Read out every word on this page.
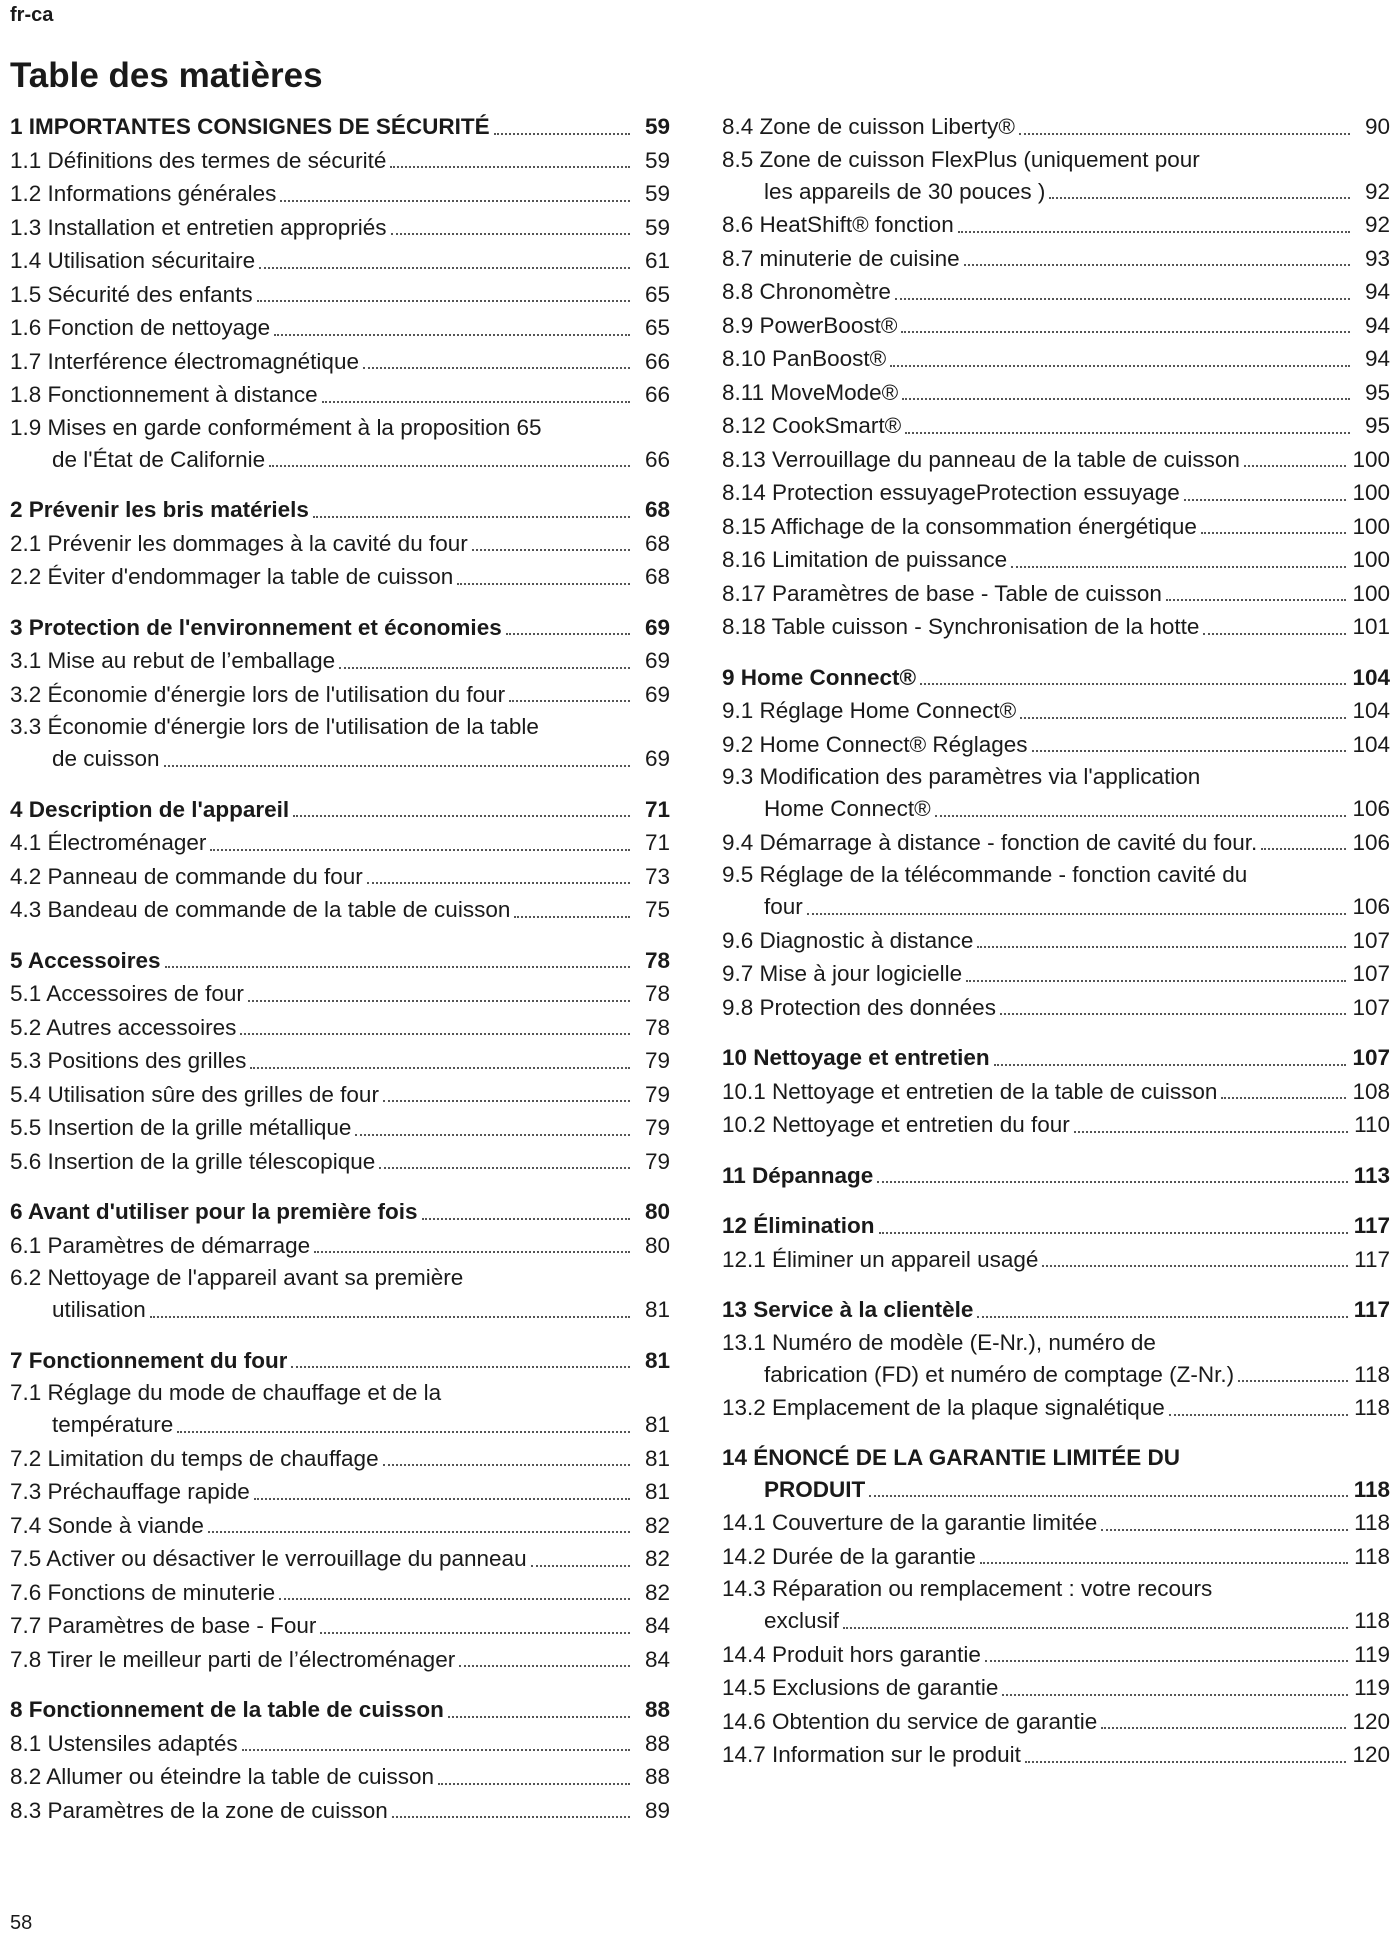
fr-ca
Table des matières
1 IMPORTANTES CONSIGNES DE SÉCURITÉ	59
1.1 Définitions des termes de sécurité	59
1.2 Informations générales	59
1.3 Installation et entretien appropriés	59
1.4 Utilisation sécuritaire	61
1.5 Sécurité des enfants	65
1.6 Fonction de nettoyage	65
1.7 Interférence électromagnétique	66
1.8 Fonctionnement à distance	66
1.9 Mises en garde conformément à la proposition 65
de l'État de Californie	66
2 Prévenir les bris matériels	68
2.1 Prévenir les dommages à la cavité du four	68
2.2 Éviter d'endommager la table de cuisson	68
3 Protection de l'environnement et économies	69
3.1 Mise au rebut de l’emballage	69
3.2 Économie d'énergie lors de l'utilisation du four	69
3.3 Économie d'énergie lors de l'utilisation de la table
de cuisson	69
4 Description de l'appareil	71
4.1 Électroménager	71
4.2 Panneau de commande du four	73
4.3 Bandeau de commande de la table de cuisson	75
5 Accessoires	78
5.1 Accessoires de four	78
5.2 Autres accessoires	78
5.3 Positions des grilles	79
5.4 Utilisation sûre des grilles de four	79
5.5 Insertion de la grille métallique	79
5.6 Insertion de la grille télescopique	79
6 Avant d'utiliser pour la première fois	80
6.1 Paramètres de démarrage	80
6.2 Nettoyage de l'appareil avant sa première
utilisation	81
7 Fonctionnement du four	81
7.1 Réglage du mode de chauffage et de la
température	81
7.2 Limitation du temps de chauffage	81
7.3 Préchauffage rapide	81
7.4 Sonde à viande	82
7.5 Activer ou désactiver le verrouillage du panneau	82
7.6 Fonctions de minuterie	82
7.7 Paramètres de base - Four	84
7.8 Tirer le meilleur parti de l’électroménager	84
8 Fonctionnement de la table de cuisson	88
8.1 Ustensiles adaptés	88
8.2 Allumer ou éteindre la table de cuisson	88
8.3 Paramètres de la zone de cuisson	89
8.4 Zone de cuisson Liberty®	90
8.5 Zone de cuisson FlexPlus (uniquement pour
les appareils de 30 pouces )	92
8.6 HeatShift® fonction	92
8.7 minuterie de cuisine	93
8.8 Chronomètre	94
8.9 PowerBoost®	94
8.10 PanBoost®	94
8.11 MoveMode®	95
8.12 CookSmart®	95
8.13 Verrouillage du panneau de la table de cuisson	100
8.14 Protection essuyageProtection essuyage	100
8.15 Affichage de la consommation énergétique	100
8.16 Limitation de puissance	100
8.17 Paramètres de base - Table de cuisson	100
8.18 Table cuisson - Synchronisation de la hotte	101
9 Home Connect®	104
9.1 Réglage Home Connect®	104
9.2 Home Connect® Réglages	104
9.3 Modification des paramètres via l'application
Home Connect®	106
9.4 Démarrage à distance - fonction de cavité du four.	106
9.5 Réglage de la télécommande - fonction cavité du
four	106
9.6 Diagnostic à distance	107
9.7 Mise à jour logicielle	107
9.8 Protection des données	107
10 Nettoyage et entretien	107
10.1 Nettoyage et entretien de la table de cuisson	108
10.2 Nettoyage et entretien du four	110
11 Dépannage	113
12 Élimination	117
12.1 Éliminer un appareil usagé	117
13 Service à la clientèle	117
13.1 Numéro de modèle (E-Nr.), numéro de
fabrication (FD) et numéro de comptage (Z-Nr.)	118
13.2 Emplacement de la plaque signalétique	118
14 ÉNONCÉ DE LA GARANTIE LIMITÉE DU
PRODUIT	118
14.1 Couverture de la garantie limitée	118
14.2 Durée de la garantie	118
14.3 Réparation ou remplacement : votre recours
exclusif	118
14.4 Produit hors garantie	119
14.5 Exclusions de garantie	119
14.6 Obtention du service de garantie	120
14.7 Information sur le produit	120
58
